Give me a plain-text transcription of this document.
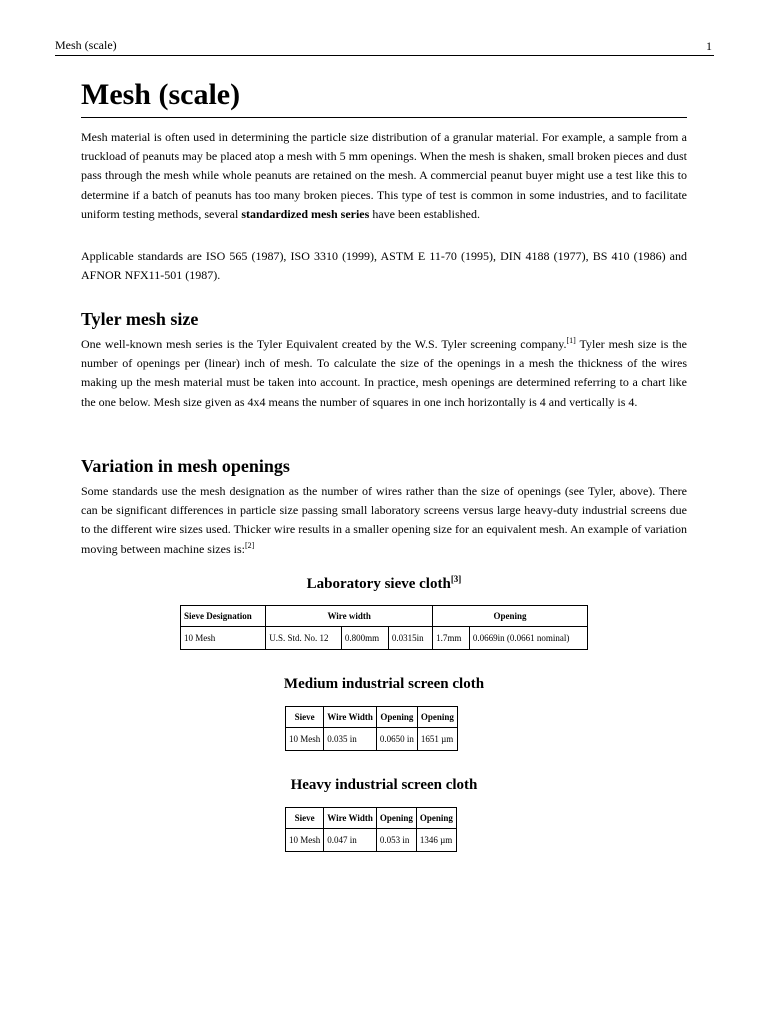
Mesh (scale)	1
Mesh (scale)

Mesh material is often used in determining the particle size distribution of a granular material. For example, a sample from a truckload of peanuts may be placed atop a mesh with 5 mm openings. When the mesh is shaken, small broken pieces and dust pass through the mesh while whole peanuts are retained on the mesh. A commercial peanut buyer might use a test like this to determine if a batch of peanuts has too many broken pieces. This type of test is common in some industries, and to facilitate uniform testing methods, several standardized mesh series have been established.

Applicable standards are ISO 565 (1987), ISO 3310 (1999), ASTM E 11-70 (1995), DIN 4188 (1977), BS 410 (1986) and AFNOR NFX11-501 (1987).

Tyler mesh size

One well-known mesh series is the Tyler Equivalent created by the W.S. Tyler screening company.[1] Tyler mesh size is the number of openings per (linear) inch of mesh. To calculate the size of the openings in a mesh the thickness of the wires making up the mesh material must be taken into account. In practice, mesh openings are determined referring to a chart like the one below. Mesh size given as 4x4 means the number of squares in one inch horizontally is 4 and vertically is 4.

Variation in mesh openings

Some standards use the mesh designation as the number of wires rather than the size of openings (see Tyler, above). There can be significant differences in particle size passing small laboratory screens versus large heavy-duty industrial screens due to the different wire sizes used. Thicker wire results in a smaller opening size for an equivalent mesh. An example of variation moving between machine sizes is:[2]

Laboratory sieve cloth[3]
Sieve Designation	Wire width			Opening	
10 Mesh	U.S. Std. No. 12	0.800mm	0.0315in	1.7mm	0.0669in (0.0661 nominal)
Medium industrial screen cloth
Sieve	Wire Width	Opening	Opening
10 Mesh	0.035 in	0.0650 in	1651 µm
Heavy industrial screen cloth
Sieve	Wire Width	Opening	Opening
10 Mesh	0.047 in	0.053 in	1346 µm
